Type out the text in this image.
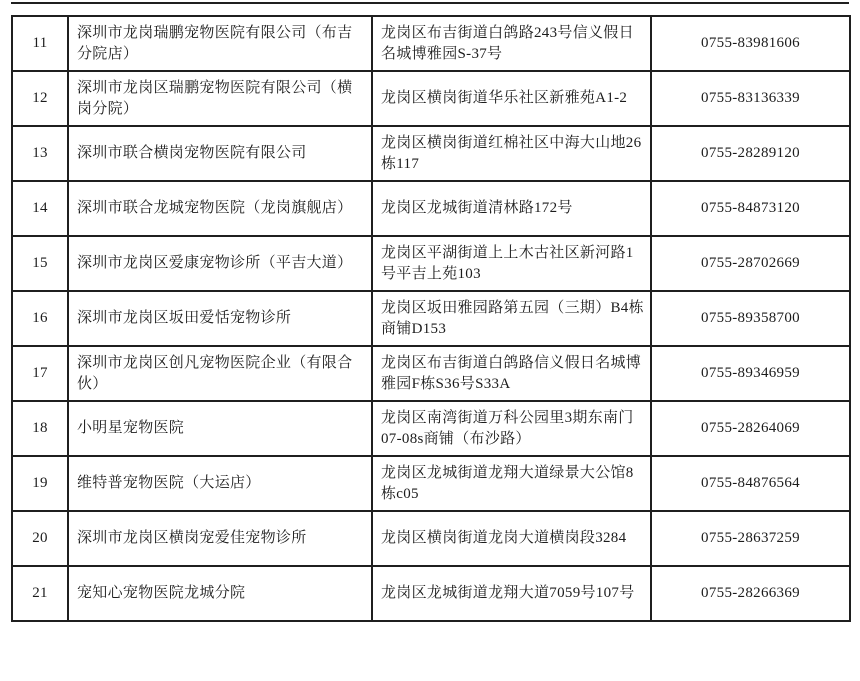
11	深圳市龙岗瑞鹏宠物医院有限公司（布吉分院店）	龙岗区布吉街道白鸽路243号信义假日名城博雅园S-37号	0755-83981606
12	深圳市龙岗区瑞鹏宠物医院有限公司（横岗分院）	龙岗区横岗街道华乐社区新雅苑A1-2	0755-83136339
13	深圳市联合横岗宠物医院有限公司	龙岗区横岗街道红棉社区中海大山地26栋117	0755-28289120
14	深圳市联合龙城宠物医院（龙岗旗舰店）	龙岗区龙城街道清林路172号	0755-84873120
15	深圳市龙岗区爱康宠物诊所（平吉大道）	龙岗区平湖街道上上木古社区新河路1号平吉上苑103	0755-28702669
16	深圳市龙岗区坂田爱恬宠物诊所	龙岗区坂田雅园路第五园（三期）B4栋商铺D153	0755-89358700
17	深圳市龙岗区创凡宠物医院企业（有限合伙）	龙岗区布吉街道白鸽路信义假日名城博雅园F栋S36号S33A	0755-89346959
18	小明星宠物医院	龙岗区南湾街道万科公园里3期东南门07-08s商铺（布沙路）	0755-28264069
19	维特普宠物医院（大运店）	龙岗区龙城街道龙翔大道绿景大公馆8栋c05	0755-84876564
20	深圳市龙岗区横岗宠爱佳宠物诊所	龙岗区横岗街道龙岗大道横岗段3284	0755-28637259
21	宠知心宠物医院龙城分院	龙岗区龙城街道龙翔大道7059号107号	0755-28266369
